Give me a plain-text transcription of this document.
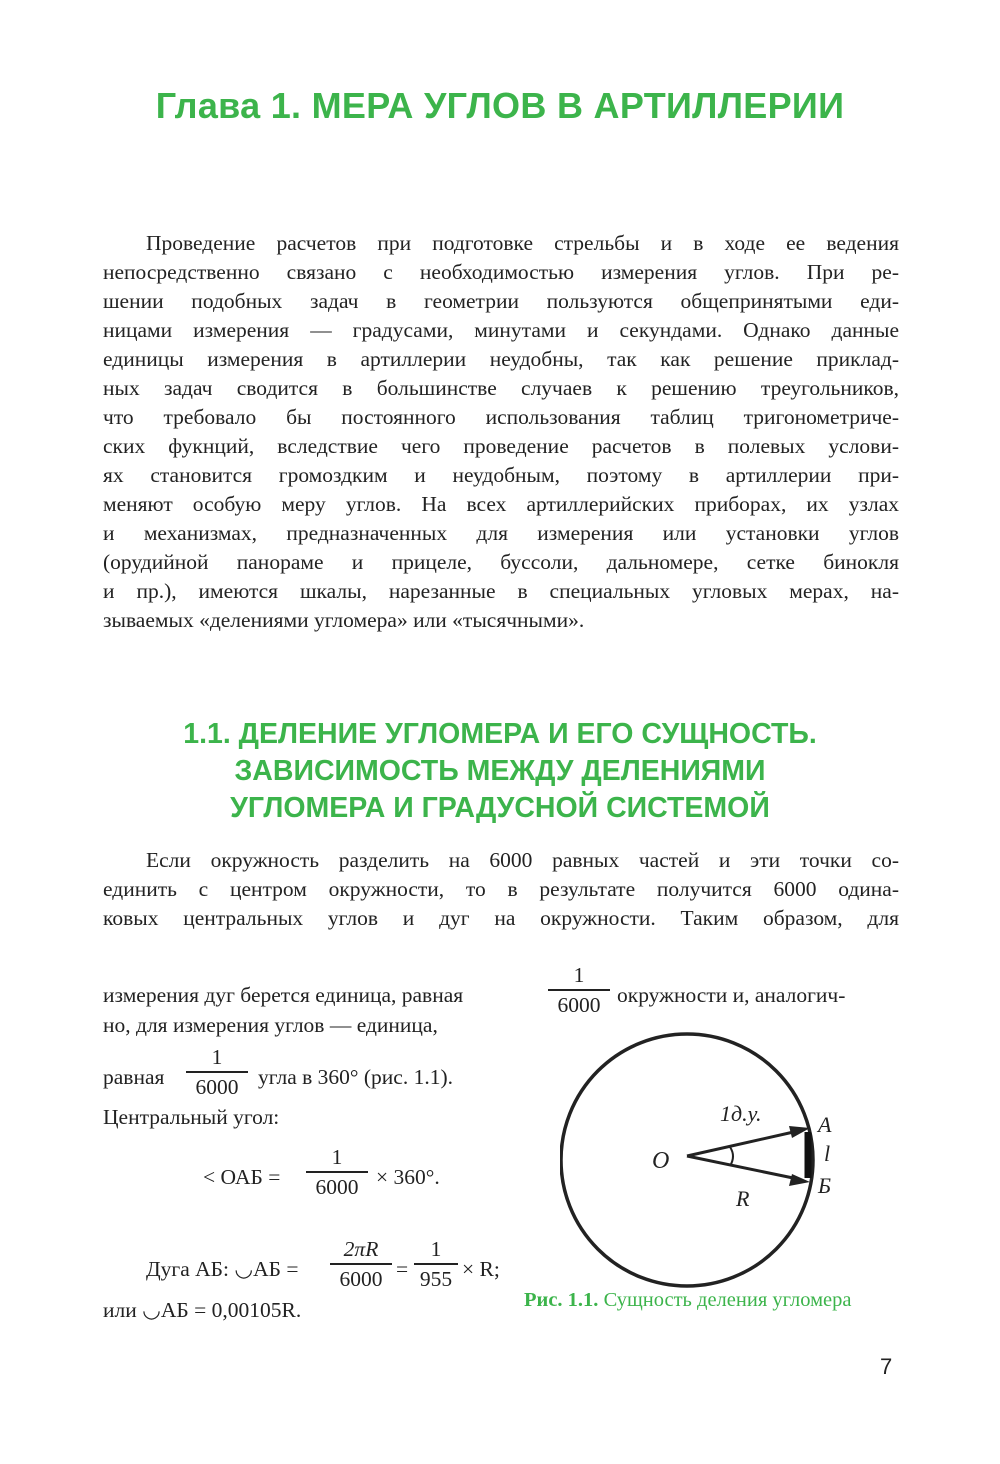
Глава 1. МЕРА УГЛОВ В АРТИЛЛЕРИИ
Проведение расчетов при подготовке стрельбы и в ходе ее ведения
непосредственно связано с необходимостью измерения углов. При ре-
шении подобных задач в геометрии пользуются общепринятыми еди-
ницами измерения — градусами, минутами и секундами. Однако данные
единицы измерения в артиллерии неудобны, так как решение приклад-
ных задач сводится в большинстве случаев к решению треугольников,
что требовало бы постоянного использования таблиц тригонометриче-
ских фукнций, вследствие чего проведение расчетов в полевых услови-
ях становится громоздким и неудобным, поэтому в артиллерии при-
меняют особую меру углов. На всех артиллерийских приборах, их узлах
и механизмах, предназначенных для измерения или установки углов
(орудийной панораме и прицеле, буссоли, дальномере, сетке бинокля
и пр.), имеются шкалы, нарезанные в специальных угловых мерах, на-
зываемых «делениями угломера» или «тысячными».
1.1. ДЕЛЕНИЕ УГЛОМЕРА И ЕГО СУЩНОСТЬ.
ЗАВИСИМОСТЬ МЕЖДУ ДЕЛЕНИЯМИ
УГЛОМЕРА И ГРАДУСНОЙ СИСТЕМОЙ
Если окружность разделить на 6000 равных частей и эти точки со-
единить с центром окружности, то в результате получится 6000 одина-
ковых центральных углов и дуг на окружности. Таким образом, для
измерения дуг берется единица, равная
1
6000 окружности и, аналогич-
но, для измерения углов — единица,
равная
1
6000 угла в 360° (рис. 1.1).
Центральный угол:
< ОАБ =
1
6000 × 360°.
Дуга АБ: ◡АБ =
2πR
6000 =
1
955 × R;
или ◡АБ = 0,00105R.
O
1д.у.	A
l
Б
R
Рис. 1.1. Сущность деления угломера
7
